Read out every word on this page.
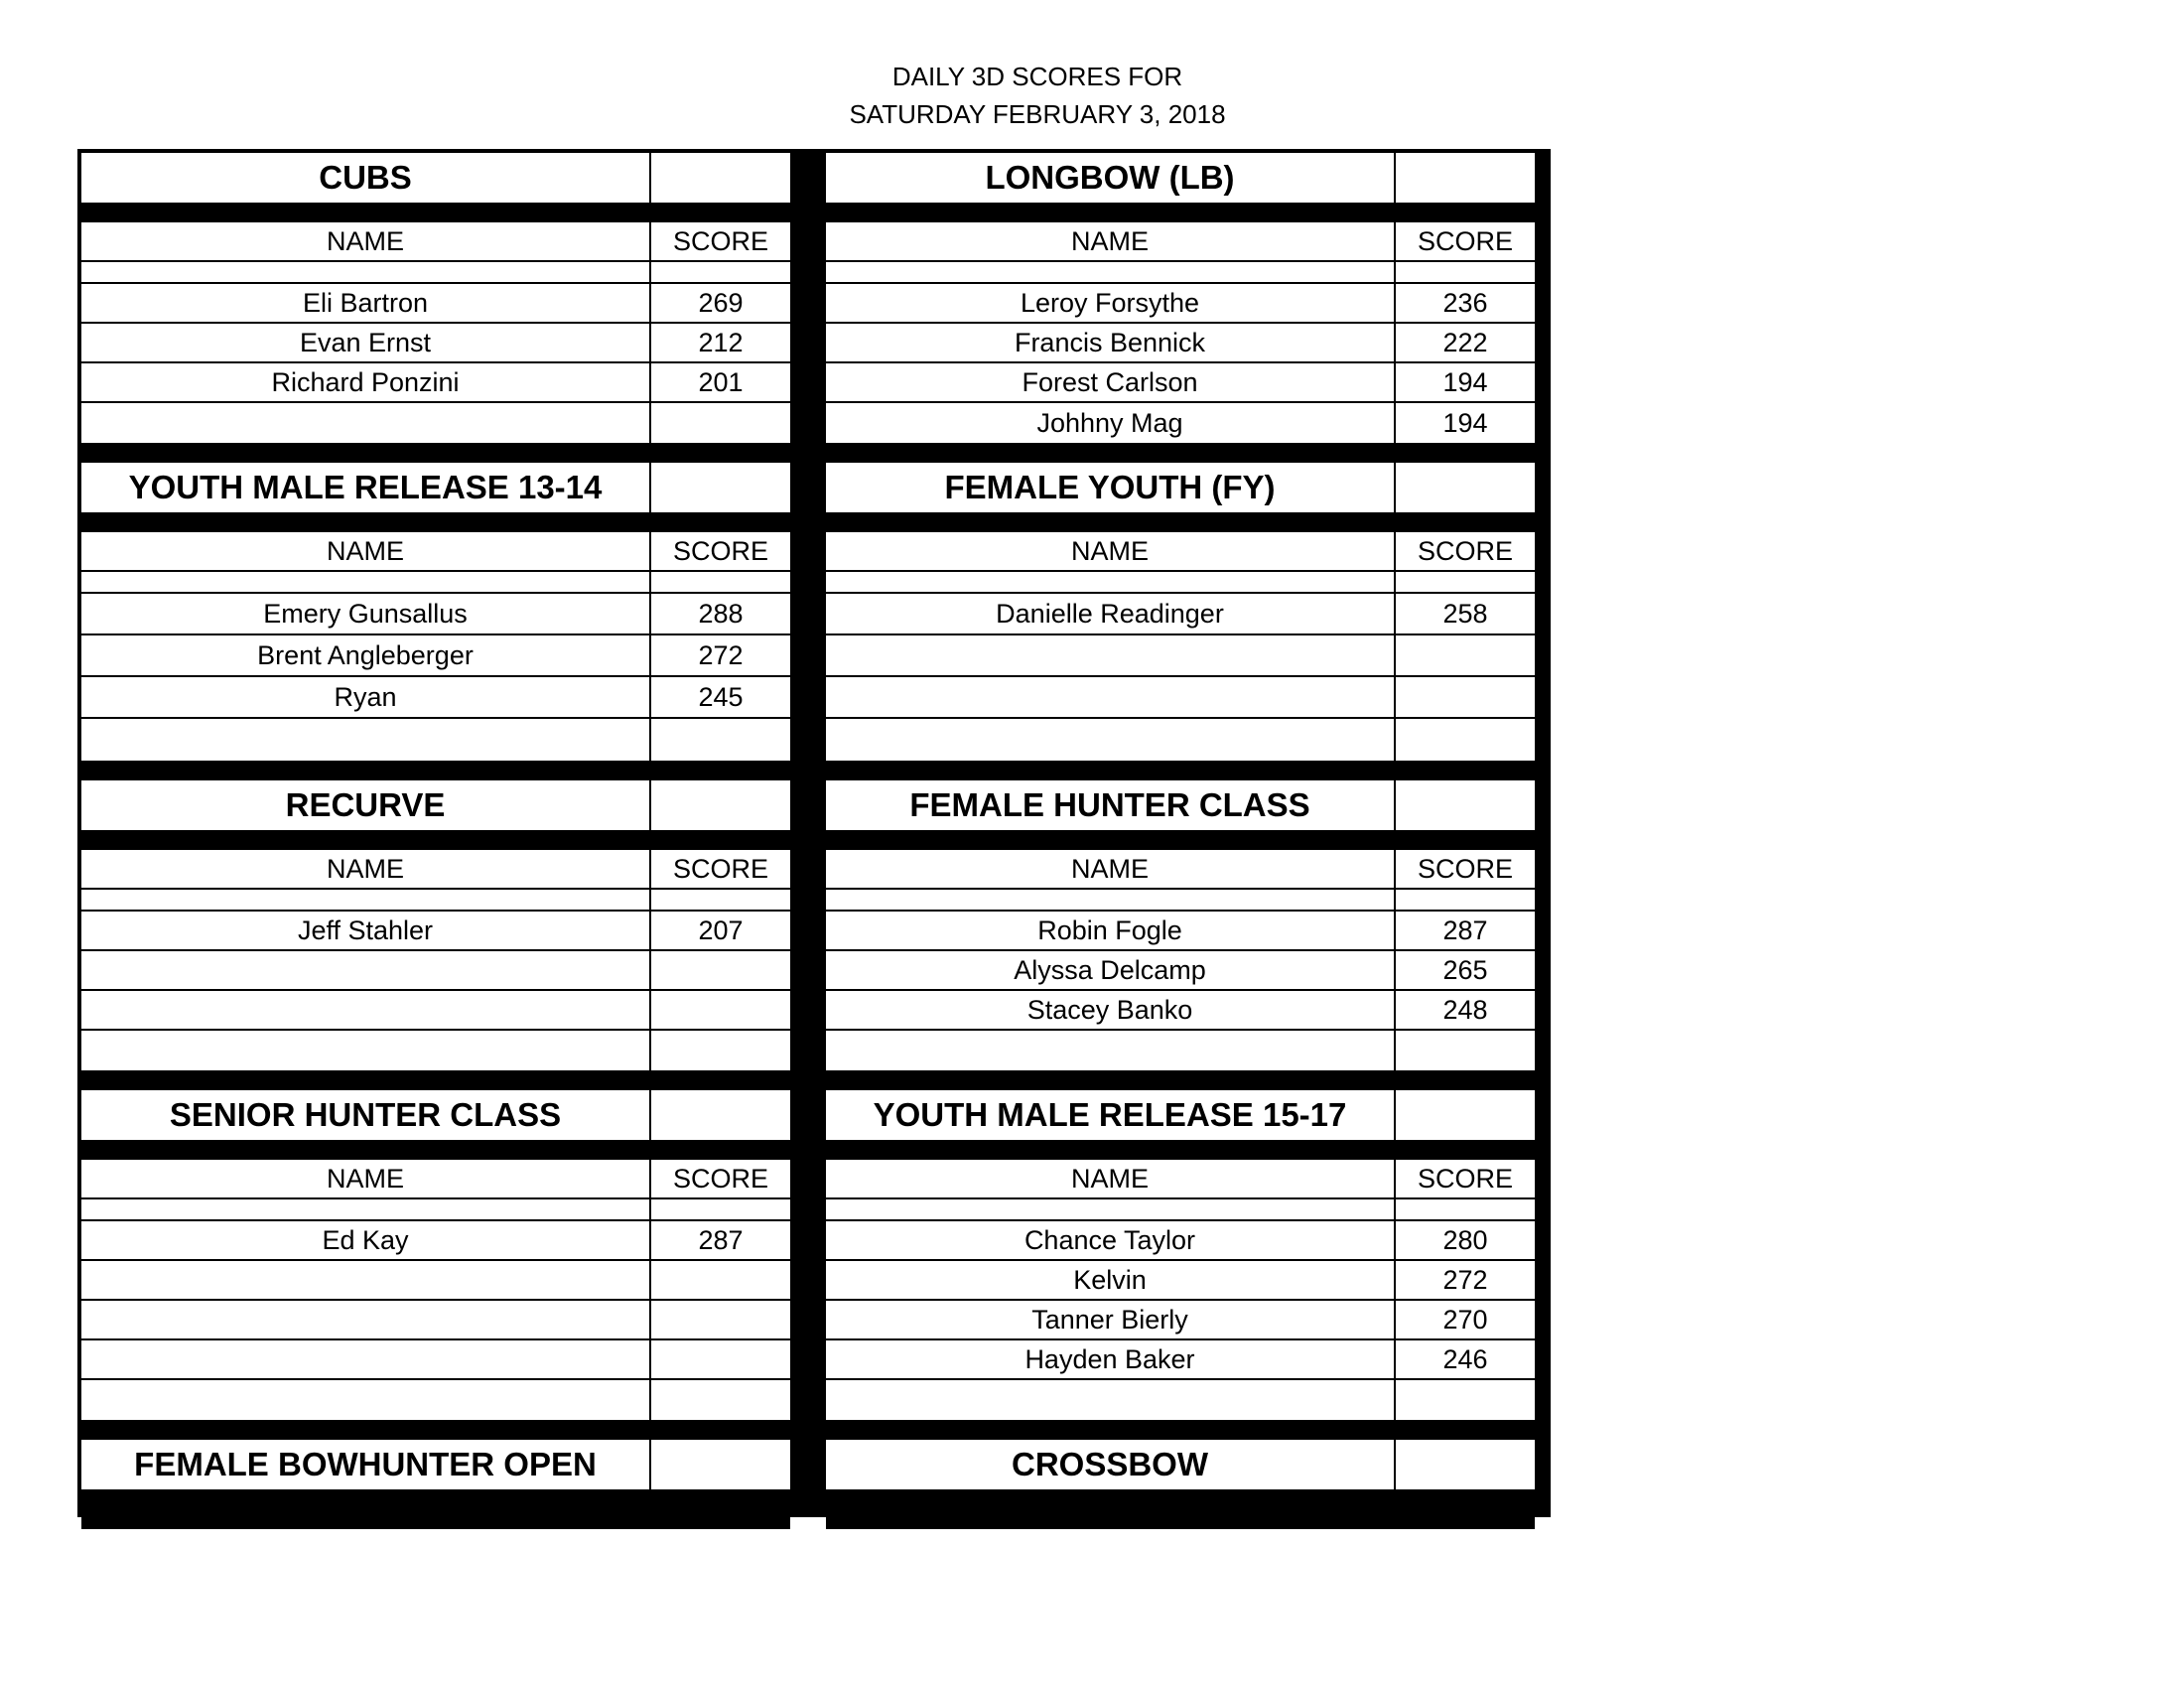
DAILY 3D SCORES FOR
SATURDAY FEBRUARY 3, 2018
CUBS
NAME	SCORE
Eli Bartron	269
Evan Ernst	212
Richard Ponzini	201
YOUTH MALE RELEASE 13-14
NAME	SCORE
Emery Gunsallus	288
Brent Angleberger	272
Ryan	245
RECURVE
NAME	SCORE
Jeff Stahler	207
SENIOR HUNTER CLASS
NAME	SCORE
Ed Kay	287
FEMALE BOWHUNTER OPEN
LONGBOW (LB)
NAME	SCORE
Leroy Forsythe	236
Francis Bennick	222
Forest Carlson	194
Johhny Mag	194
FEMALE YOUTH (FY)
NAME	SCORE
Danielle Readinger	258
FEMALE HUNTER CLASS
NAME	SCORE
Robin Fogle	287
Alyssa Delcamp	265
Stacey Banko	248
YOUTH MALE RELEASE 15-17
NAME	SCORE
Chance Taylor	280
Kelvin	272
Tanner Bierly	270
Hayden Baker	246
CROSSBOW
